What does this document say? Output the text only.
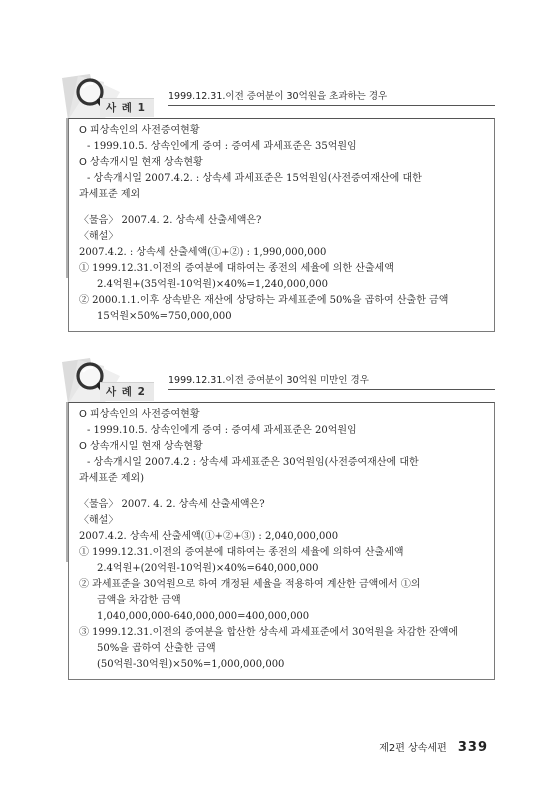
사 례 1
1999.12.31.이전 증여분이 30억원을 초과하는 경우
O 피상속인의 사전증여현황
- 1999.10.5. 상속인에게 증여 : 증여세 과세표준은 35억원임
O 상속개시일 현재 상속현황
- 상속개시일 2007.4.2. : 상속세 과세표준은 15억원임(사전증여재산에 대한
과세표준 제외
〈물음〉 2007.4. 2. 상속세 산출세액은?
〈해설〉
2007.4.2. : 상속세 산출세액(①+②) : 1,990,000,000
① 1999.12.31.이전의 증여분에 대하여는 종전의 세율에 의한 산출세액
2.4억원+(35억원-10억원)×40%=1,240,000,000
② 2000.1.1.이후 상속받은 재산에 상당하는 과세표준에 50%을 곱하여 산출한 금액
15억원×50%=750,000,000
사 례 2
1999.12.31.이전 증여분이 30억원 미만인 경우
O 피상속인의 사전증여현황
- 1999.10.5. 상속인에게 증여 : 증여세 과세표준은 20억원임
O 상속개시일 현재 상속현황
- 상속개시일 2007.4.2 : 상속세 과세표준은 30억원임(사전증여재산에 대한
과세표준 제외)
〈물음〉 2007. 4. 2. 상속세 산출세액은?
〈해설〉
2007.4.2. 상속세 산출세액(①+②+③) : 2,040,000,000
① 1999.12.31.이전의 증여분에 대하여는 종전의 세율에 의하여 산출세액
2.4억원+(20억원-10억원)×40%=640,000,000
② 과세표준을 30억원으로 하여 개정된 세율을 적용하여 계산한 금액에서 ①의
금액을 차감한 금액
1,040,000,000-640,000,000=400,000,000
③ 1999.12.31.이전의 증여분을 합산한 상속세 과세표준에서 30억원을 차감한 잔액에
50%을 곱하여 산출한 금액
(50억원-30억원)×50%=1,000,000,000
제2편 상속세편 339
